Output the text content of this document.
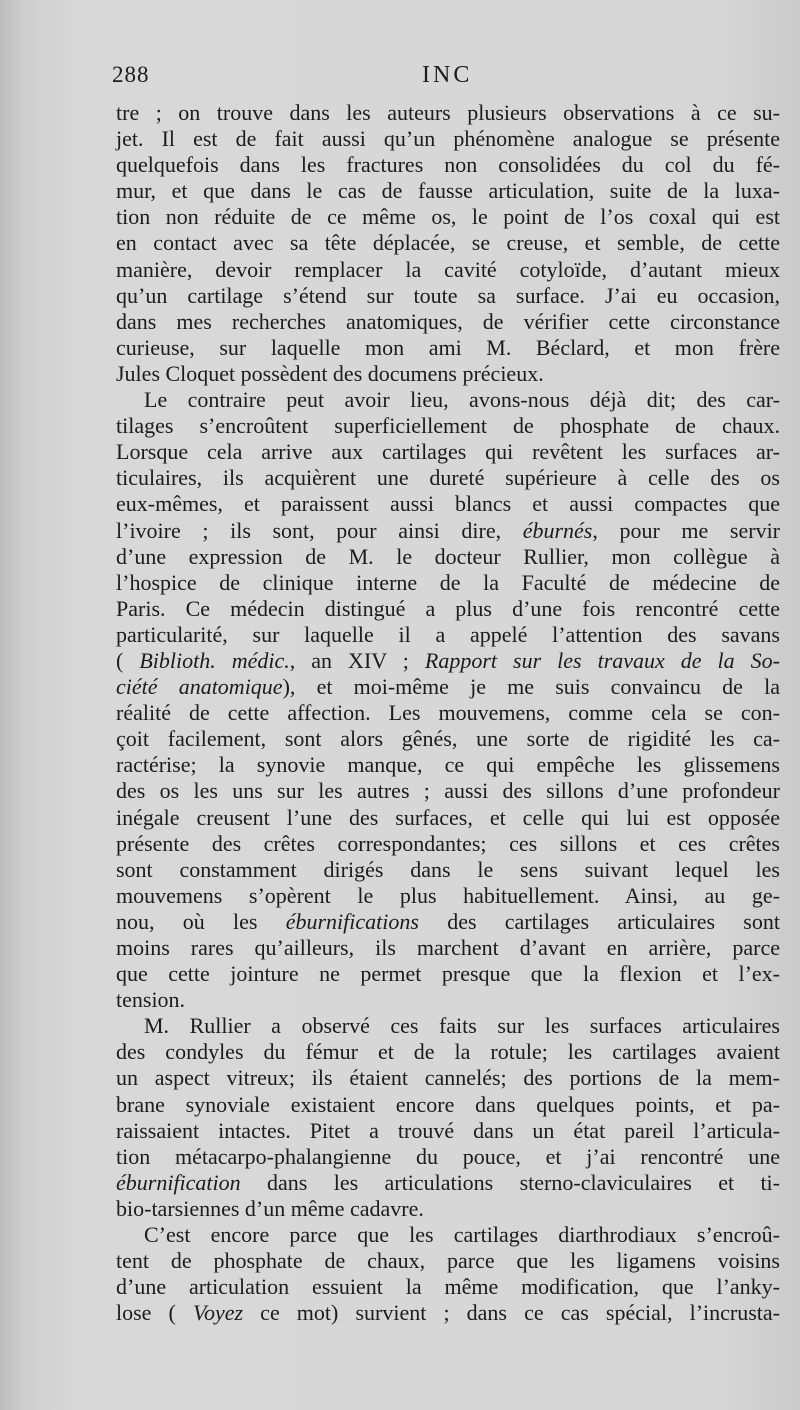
288	INC
tre ; on trouve dans les auteurs plusieurs observations à ce su-
jet. Il est de fait aussi qu’un phénomène analogue se présente
quelquefois dans les fractures non consolidées du col du fé-
mur, et que dans le cas de fausse articulation, suite de la luxa-
tion non réduite de ce même os, le point de l’os coxal qui est
en contact avec sa tête déplacée, se creuse, et semble, de cette
manière, devoir remplacer la cavité cotyloïde, d’autant mieux
qu’un cartilage s’étend sur toute sa surface. J’ai eu occasion,
dans mes recherches anatomiques, de vérifier cette circonstance
curieuse, sur laquelle mon ami M. Béclard, et mon frère
Jules Cloquet possèdent des documens précieux.
Le contraire peut avoir lieu, avons-nous déjà dit; des car-
tilages s’encroûtent superficiellement de phosphate de chaux.
Lorsque cela arrive aux cartilages qui revêtent les surfaces ar-
ticulaires, ils acquièrent une dureté supérieure à celle des os
eux-mêmes, et paraissent aussi blancs et aussi compactes que
l’ivoire ; ils sont, pour ainsi dire, éburnés, pour me servir
d’une expression de M. le docteur Rullier, mon collègue à
l’hospice de clinique interne de la Faculté de médecine de
Paris. Ce médecin distingué a plus d’une fois rencontré cette
particularité, sur laquelle il a appelé l’attention des savans
( Biblioth. médic., an XIV ; Rapport sur les travaux de la So-
ciété anatomique), et moi-même je me suis convaincu de la
réalité de cette affection. Les mouvemens, comme cela se con-
çoit facilement, sont alors gênés, une sorte de rigidité les ca-
ractérise; la synovie manque, ce qui empêche les glissemens
des os les uns sur les autres ; aussi des sillons d’une profondeur
inégale creusent l’une des surfaces, et celle qui lui est opposée
présente des crêtes correspondantes; ces sillons et ces crêtes
sont constamment dirigés dans le sens suivant lequel les
mouvemens s’opèrent le plus habituellement. Ainsi, au ge-
nou, où les éburnifications des cartilages articulaires sont
moins rares qu’ailleurs, ils marchent d’avant en arrière, parce
que cette jointure ne permet presque que la flexion et l’ex-
tension.
M. Rullier a observé ces faits sur les surfaces articulaires
des condyles du fémur et de la rotule; les cartilages avaient
un aspect vitreux; ils étaient cannelés; des portions de la mem-
brane synoviale existaient encore dans quelques points, et pa-
raissaient intactes. Pitet a trouvé dans un état pareil l’articula-
tion métacarpo-phalangienne du pouce, et j’ai rencontré une
éburnification dans les articulations sterno-claviculaires et ti-
bio-tarsiennes d’un même cadavre.
C’est encore parce que les cartilages diarthrodiaux s’encroû-
tent de phosphate de chaux, parce que les ligamens voisins
d’une articulation essuient la même modification, que l’anky-
lose ( Voyez ce mot) survient ; dans ce cas spécial, l’incrusta-
